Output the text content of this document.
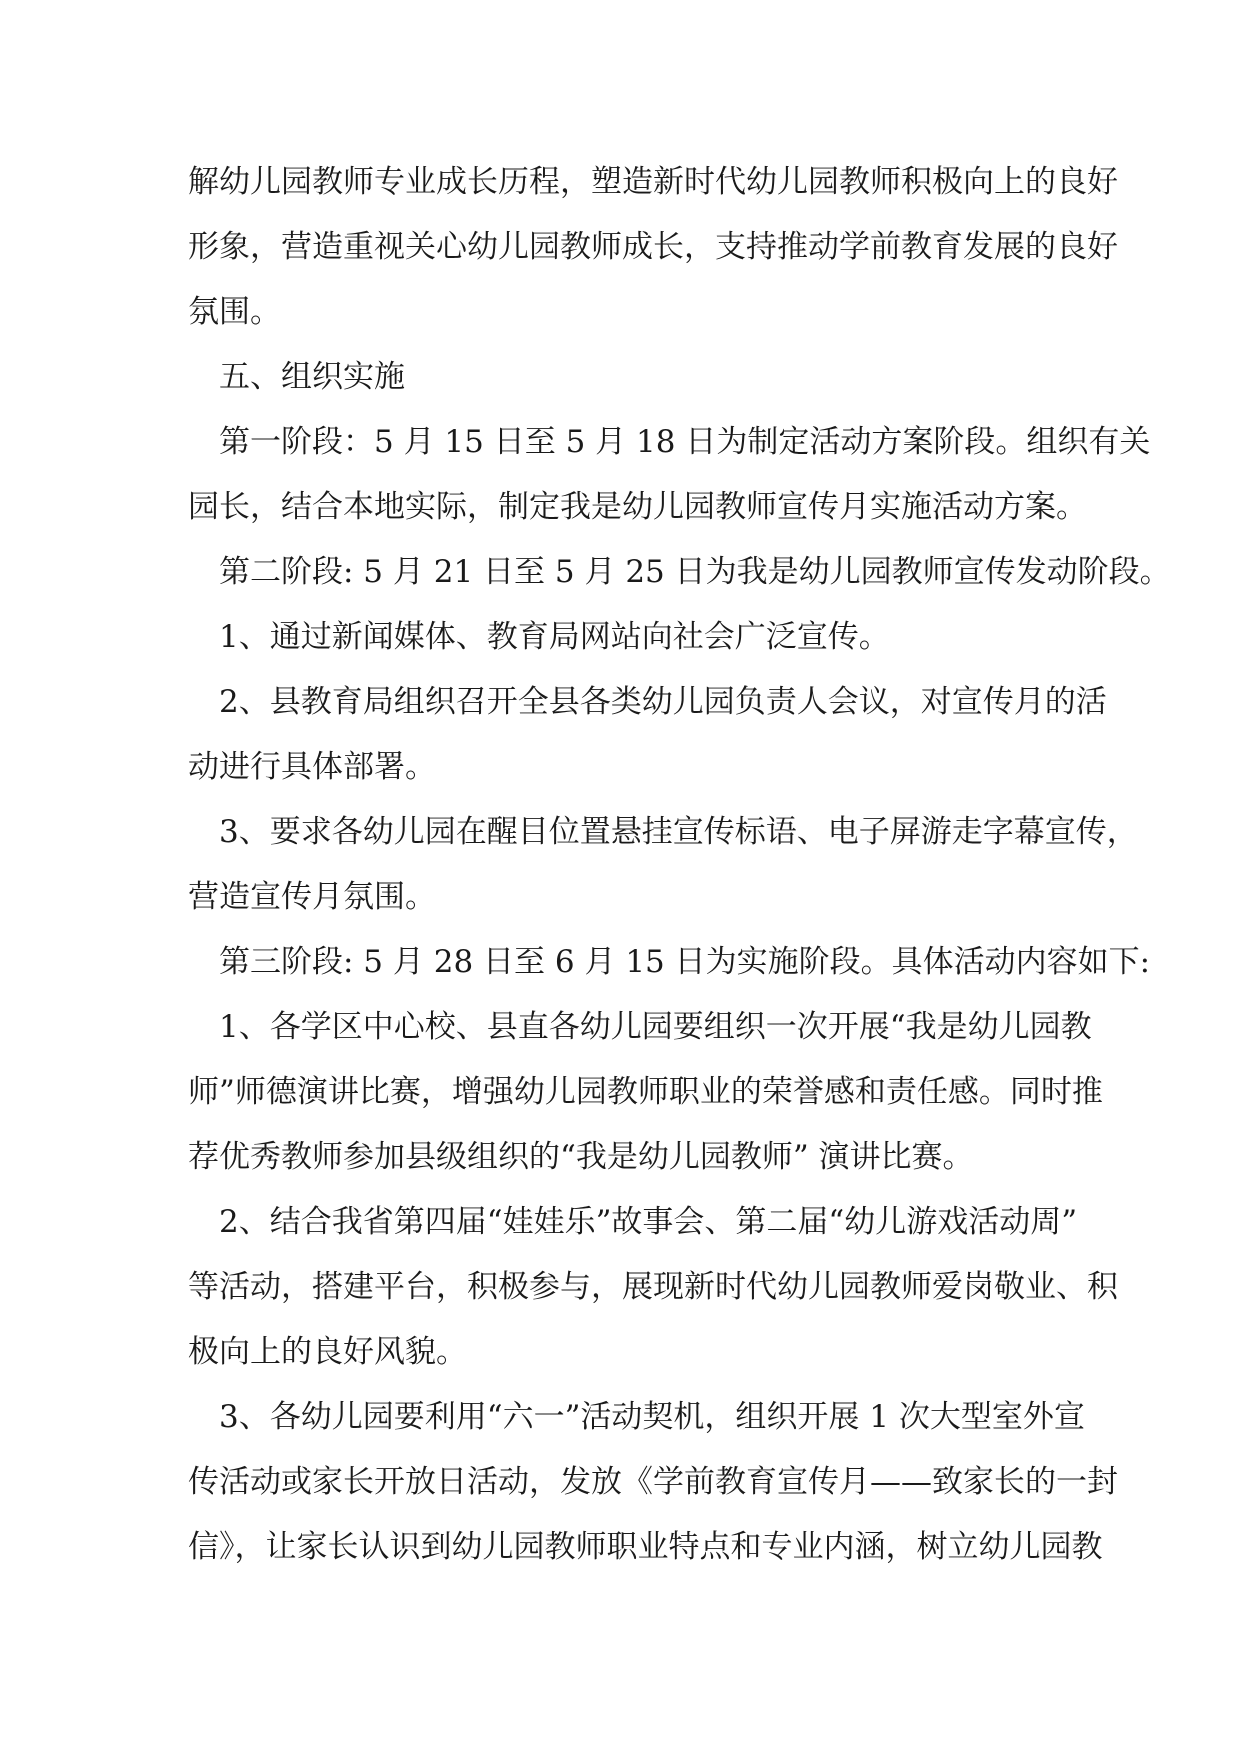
解幼儿园教师专业成长历程，塑造新时代幼儿园教师积极向上的良好
形象，营造重视关心幼儿园教师成长，支持推动学前教育发展的良好
氛围。
五、组织实施
第一阶段：5 月 15 日至 5 月 18 日为制定活动方案阶段。组织有关
园长，结合本地实际，制定我是幼儿园教师宣传月实施活动方案。
第二阶段: 5 月 21 日至 5 月 25 日为我是幼儿园教师宣传发动阶段。
1、通过新闻媒体、教育局网站向社会广泛宣传。
2、县教育局组织召开全县各类幼儿园负责人会议，对宣传月的活
动进行具体部署。
3、要求各幼儿园在醒目位置悬挂宣传标语、电子屏游走字幕宣传，
营造宣传月氛围。
第三阶段: 5 月 28 日至 6 月 15 日为实施阶段。具体活动内容如下:
1、各学区中心校、县直各幼儿园要组织一次开展“我是幼儿园教
师”师德演讲比赛，增强幼儿园教师职业的荣誉感和责任感。同时推
荐优秀教师参加县级组织的“我是幼儿园教师” 演讲比赛。
2、结合我省第四届“娃娃乐”故事会、第二届“幼儿游戏活动周”
等活动，搭建平台，积极参与，展现新时代幼儿园教师爱岗敬业、积
极向上的良好风貌。
3、各幼儿园要利用“六一”活动契机，组织开展 1 次大型室外宣
传活动或家长开放日活动，发放《学前教育宣传月——致家长的一封
信》，让家长认识到幼儿园教师职业特点和专业内涵，树立幼儿园教
